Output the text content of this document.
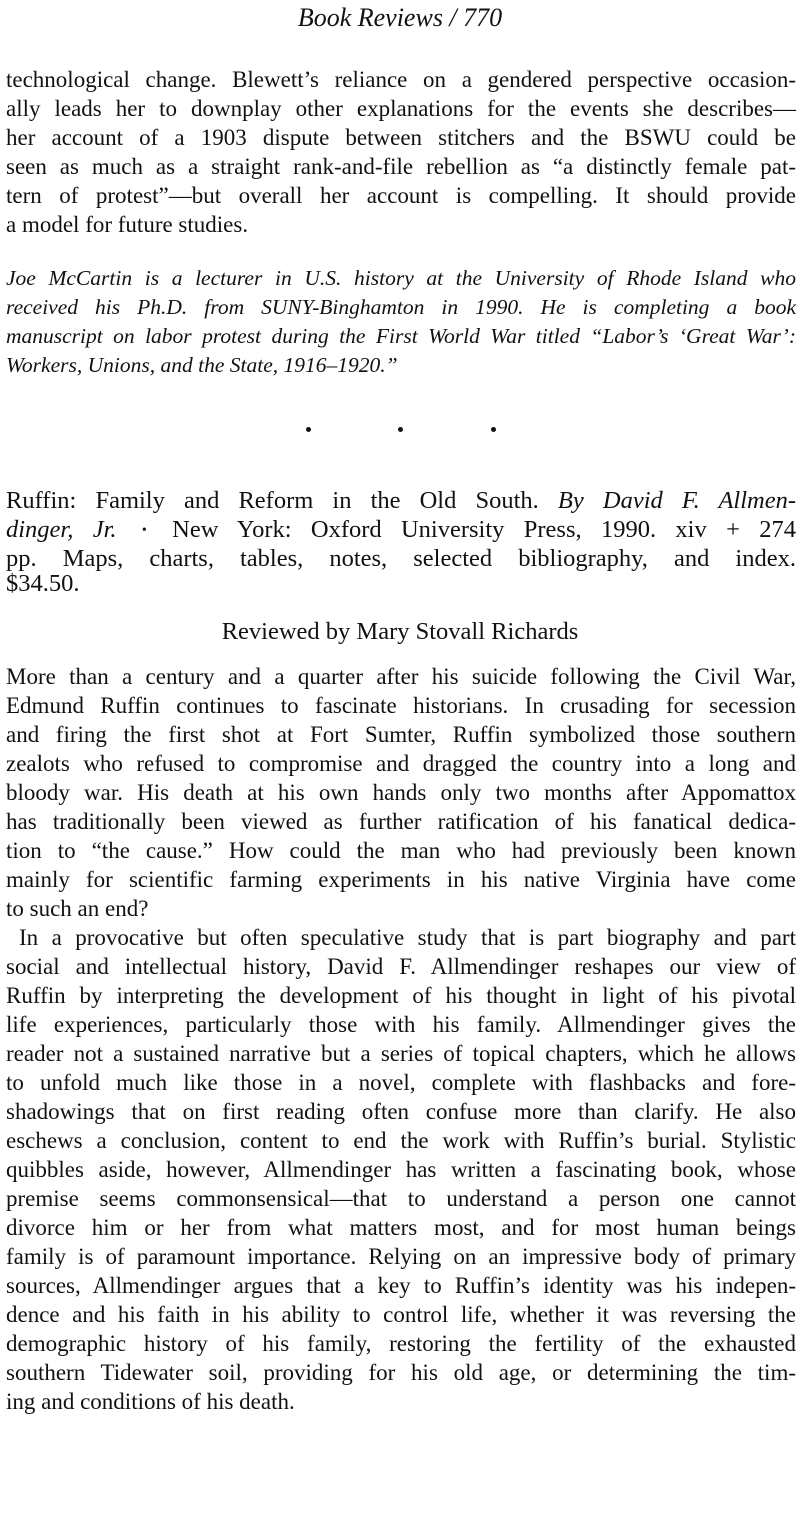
Book Reviews / 770
technological change. Blewett’s reliance on a gendered perspective occasion-
ally leads her to downplay other explanations for the events she describes—
her account of a 1903 dispute between stitchers and the BSWU could be
seen as much as a straight rank-and-file rebellion as “a distinctly female pat-
tern of protest”—but overall her account is compelling. It should provide
a model for future studies.
Joe McCartin is a lecturer in U.S. history at the University of Rhode Island who
received his Ph.D. from SUNY-Binghamton in 1990. He is completing a book
manuscript on labor protest during the First World War titled “Labor’s ‘Great War’:
Workers, Unions, and the State, 1916–1920.”
Ruffin: Family and Reform in the Old South. By David F. Allmen-
dinger, Jr. • New York: Oxford University Press, 1990. xiv + 274
pp. Maps, charts, tables, notes, selected bibliography, and index.
$34.50.
Reviewed by Mary Stovall Richards
More than a century and a quarter after his suicide following the Civil War,
Edmund Ruffin continues to fascinate historians. In crusading for secession
and firing the first shot at Fort Sumter, Ruffin symbolized those southern
zealots who refused to compromise and dragged the country into a long and
bloody war. His death at his own hands only two months after Appomattox
has traditionally been viewed as further ratification of his fanatical dedica-
tion to “the cause.” How could the man who had previously been known
mainly for scientific farming experiments in his native Virginia have come
to such an end?
In a provocative but often speculative study that is part biography and part
social and intellectual history, David F. Allmendinger reshapes our view of
Ruffin by interpreting the development of his thought in light of his pivotal
life experiences, particularly those with his family. Allmendinger gives the
reader not a sustained narrative but a series of topical chapters, which he allows
to unfold much like those in a novel, complete with flashbacks and fore-
shadowings that on first reading often confuse more than clarify. He also
eschews a conclusion, content to end the work with Ruffin’s burial. Stylistic
quibbles aside, however, Allmendinger has written a fascinating book, whose
premise seems commonsensical—that to understand a person one cannot
divorce him or her from what matters most, and for most human beings
family is of paramount importance. Relying on an impressive body of primary
sources, Allmendinger argues that a key to Ruffin’s identity was his indepen-
dence and his faith in his ability to control life, whether it was reversing the
demographic history of his family, restoring the fertility of the exhausted
southern Tidewater soil, providing for his old age, or determining the tim-
ing and conditions of his death.
